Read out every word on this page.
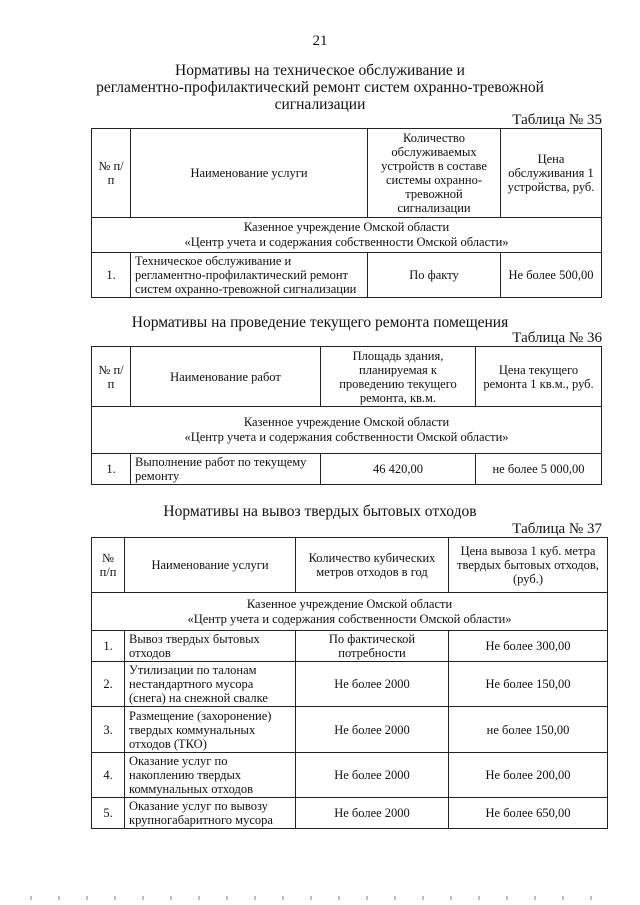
21
Нормативы на техническое обслуживание и
регламентно-профилактический ремонт систем охранно-тревожной
сигнализации
Таблица № 35
№ п/п	Наименование услуги	Количество обслуживаемых устройств в составе системы охранно-тревожной сигнализации	Цена обслуживания 1 устройства, руб.

Казенное учреждение Омской области
«Центр учета и содержания собственности Омской области»			

1.	Техническое обслуживание и регламентно-профилактический ремонт систем охранно-тревожной сигнализации	По факту	Не более 500,00
Нормативы на проведение текущего ремонта помещения
Таблица № 36
№ п/п	Наименование работ	Площадь здания, планируемая к проведению текущего ремонта, кв.м.	Цена текущего ремонта 1 кв.м., руб.

Казенное учреждение Омской области
«Центр учета и содержания собственности Омской области»			

1.	Выполнение работ по текущему ремонту	46 420,00	не более 5 000,00
Нормативы на вывоз твердых бытовых отходов
Таблица № 37
№ п/п	Наименование услуги	Количество кубических метров отходов в год	Цена вывоза 1 куб. метра твердых бытовых отходов, (руб.)

Казенное учреждение Омской области
«Центр учета и содержания собственности Омской области»			

1.	Вывоз твердых бытовых отходов	По фактической потребности	Не более 300,00
2.	Утилизации по талонам нестандартного мусора (снега) на снежной свалке	Не более 2000	Не более 150,00
3.	Размещение (захоронение) твердых коммунальных отходов (ТКО)	Не более 2000	не более 150,00
4.	Оказание услуг по накоплению твердых коммунальных отходов	Не более 2000	Не более 200,00
5.	Оказание услуг по вывозу крупногабаритного мусора	Не более 2000	Не более 650,00
